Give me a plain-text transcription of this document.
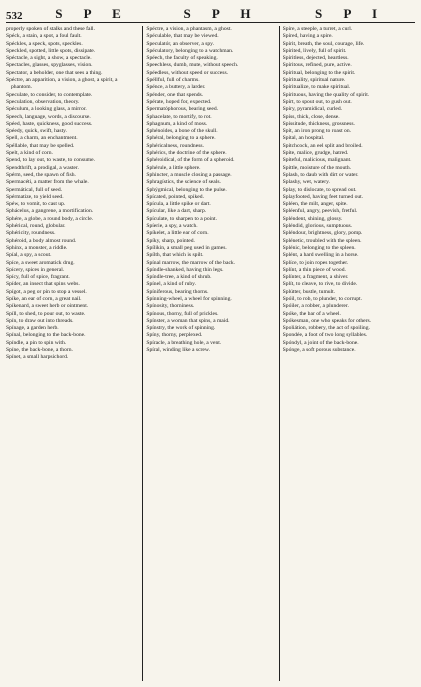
532	S P E	S P H	S P I

properly spoken of stalks and these fall.

Spéck, a stain, a spot, a foul fault.

Spéckles, a speck, spots, speckles.

Speckled, spotted, little spots, dissipate.

Spéctacle, a sight, a show, a spectacle.

Spectacles, glasses, spyglasses, vision.

Spectator, a beholder, one that sees a thing.

Spéctre, an apparition, a vision, a ghost, a spirit, a phantom.

Speculate, to consider, to contemplate.

Speculation, observation, theory.

Spéculum, a looking glass, a mirror.

Speech, language, words, a discourse.

Spéed, haste, quickness, good success.

Spéedy, quick, swift, hasty.

Spell, a charm, an enchantment.

Spéllable, that may be spelled.

Spelt, a kind of corn.

Spend, to lay out, to waste, to consume.

Spendthrift, a prodigal, a waster.

Spérm, seed, the spawn of fish.

Spermacéti, a matter from the whale.

Spermátical, full of seed.

Spérmatize, to yield seed.

Spéw, to vomit, to cast up.

Sphácelus, a gangrene, a mortification.

Sphére, a globe, a round body, a circle.

Sphérical, round, globular.

Sphéricity, roundness.

Sphéroid, a body almost round.

Sphínx, a monster, a riddle.

Spíal, a spy, a scout.

Spíce, a sweet aromatick drug.

Spícery, spices in general.

Spícy, full of spice, fragrant.

Spíder, an insect that spins webs.

Spígot, a peg or pin to stop a vessel.

Spíke, an ear of corn, a great nail.

Spíkenard, a sweet herb or ointment.

Spíll, to shed, to pour out, to waste.

Spín, to draw out into threads.

Spínage, a garden herb.

Spínal, belonging to the back-bone.

Spíndle, a pin to spin with.

Spíne, the back-bone, a thorn.

Spínet, a small harpsichord.

Spéctre, a vision, a phantasm, a ghost.

Spéculable, that may be viewed.

Speculatór, an observer, a spy.

Spéculatory, belonging to a watchman.

Spéech, the faculty of speaking.

Speechless, dumb, mute, without speech.

Spéedless, without speed or success.

Spéllful, full of charms.

Spénce, a buttery, a larder.

Spénder, one that spends.

Spérate, hoped for, expected.

Spermatóphorous, bearing seed.

Sphacelate, to mortify, to rot.

Sphagnum, a kind of moss.

Sphénoides, a bone of the skull.

Sphéral, belonging to a sphere.

Sphéricalness, roundness.

Sphérics, the doctrine of the sphere.

Sphéroidical, of the form of a spheroid.

Sphérule, a little sphere.

Sphincter, a muscle closing a passage.

Sphragístics, the science of seals.

Sphýgmical, belonging to the pulse.

Spícated, pointed, spiked.

Spícula, a little spike or dart.

Spícular, like a dart, sharp.

Spículate, to sharpen to a point.

Spíerie, a spy, a watch.

Spíkelet, a little ear of corn.

Spíky, sharp, pointed.

Spílikin, a small peg used in games.

Spílth, that which is spilt.

Spínal marrow, the marrow of the back.

Spíndle-shanked, having thin legs.

Spíndle-tree, a kind of shrub.

Spínel, a kind of ruby.

Spíniferous, bearing thorns.

Spínning-wheel, a wheel for spinning.

Spínosity, thorniness.

Spínous, thorny, full of prickles.

Spínster, a woman that spins, a maid.

Spínstry, the work of spinning.

Spíny, thorny, perplexed.

Spíracle, a breathing hole, a vent.

Spíral, winding like a screw.

Spíre, a steeple, a turret, a curl.

Spíred, having a spire.

Spírit, breath, the soul, courage, life.

Spírited, lively, full of spirit.

Spíritless, dejected, heartless.

Spíritous, refined, pure, active.

Spíritual, belonging to the spirit.

Spírituality, spiritual nature.

Spíritualize, to make spiritual.

Spírituous, having the quality of spirit.

Spírt, to spout out, to gush out.

Spíry, pyramidical, curled.

Spíss, thick, close, dense.

Spíssitude, thickness, grossness.

Spít, an iron prong to roast on.

Spítal, an hospital.

Spítchcock, an eel split and broiled.

Spíte, malice, grudge, hatred.

Spíteful, malicious, malignant.

Spíttle, moisture of the mouth.

Splash, to daub with dirt or water.

Splashy, wet, watery.

Splay, to dislocate, to spread out.

Splayfooted, having feet turned out.

Spléen, the milt, anger, spite.

Spléenful, angry, peevish, fretful.

Spléndent, shining, glossy.

Spléndid, glorious, sumptuous.

Spléndour, brightness, glory, pomp.

Splénetic, troubled with the spleen.

Splénic, belonging to the spleen.

Splént, a hard swelling in a horse.

Splíce, to join ropes together.

Splínt, a thin piece of wood.

Splínter, a fragment, a shiver.

Splít, to cleave, to rive, to divide.

Splútter, bustle, tumult.

Spóil, to rob, to plunder, to corrupt.

Spóiler, a robber, a plunderer.

Spóke, the bar of a wheel.

Spókesman, one who speaks for others.

Spoliátion, robbery, the act of spoiling.

Spondée, a foot of two long syllables.

Spóndyl, a joint of the back-bone.

Spónge, a soft porous substance.
